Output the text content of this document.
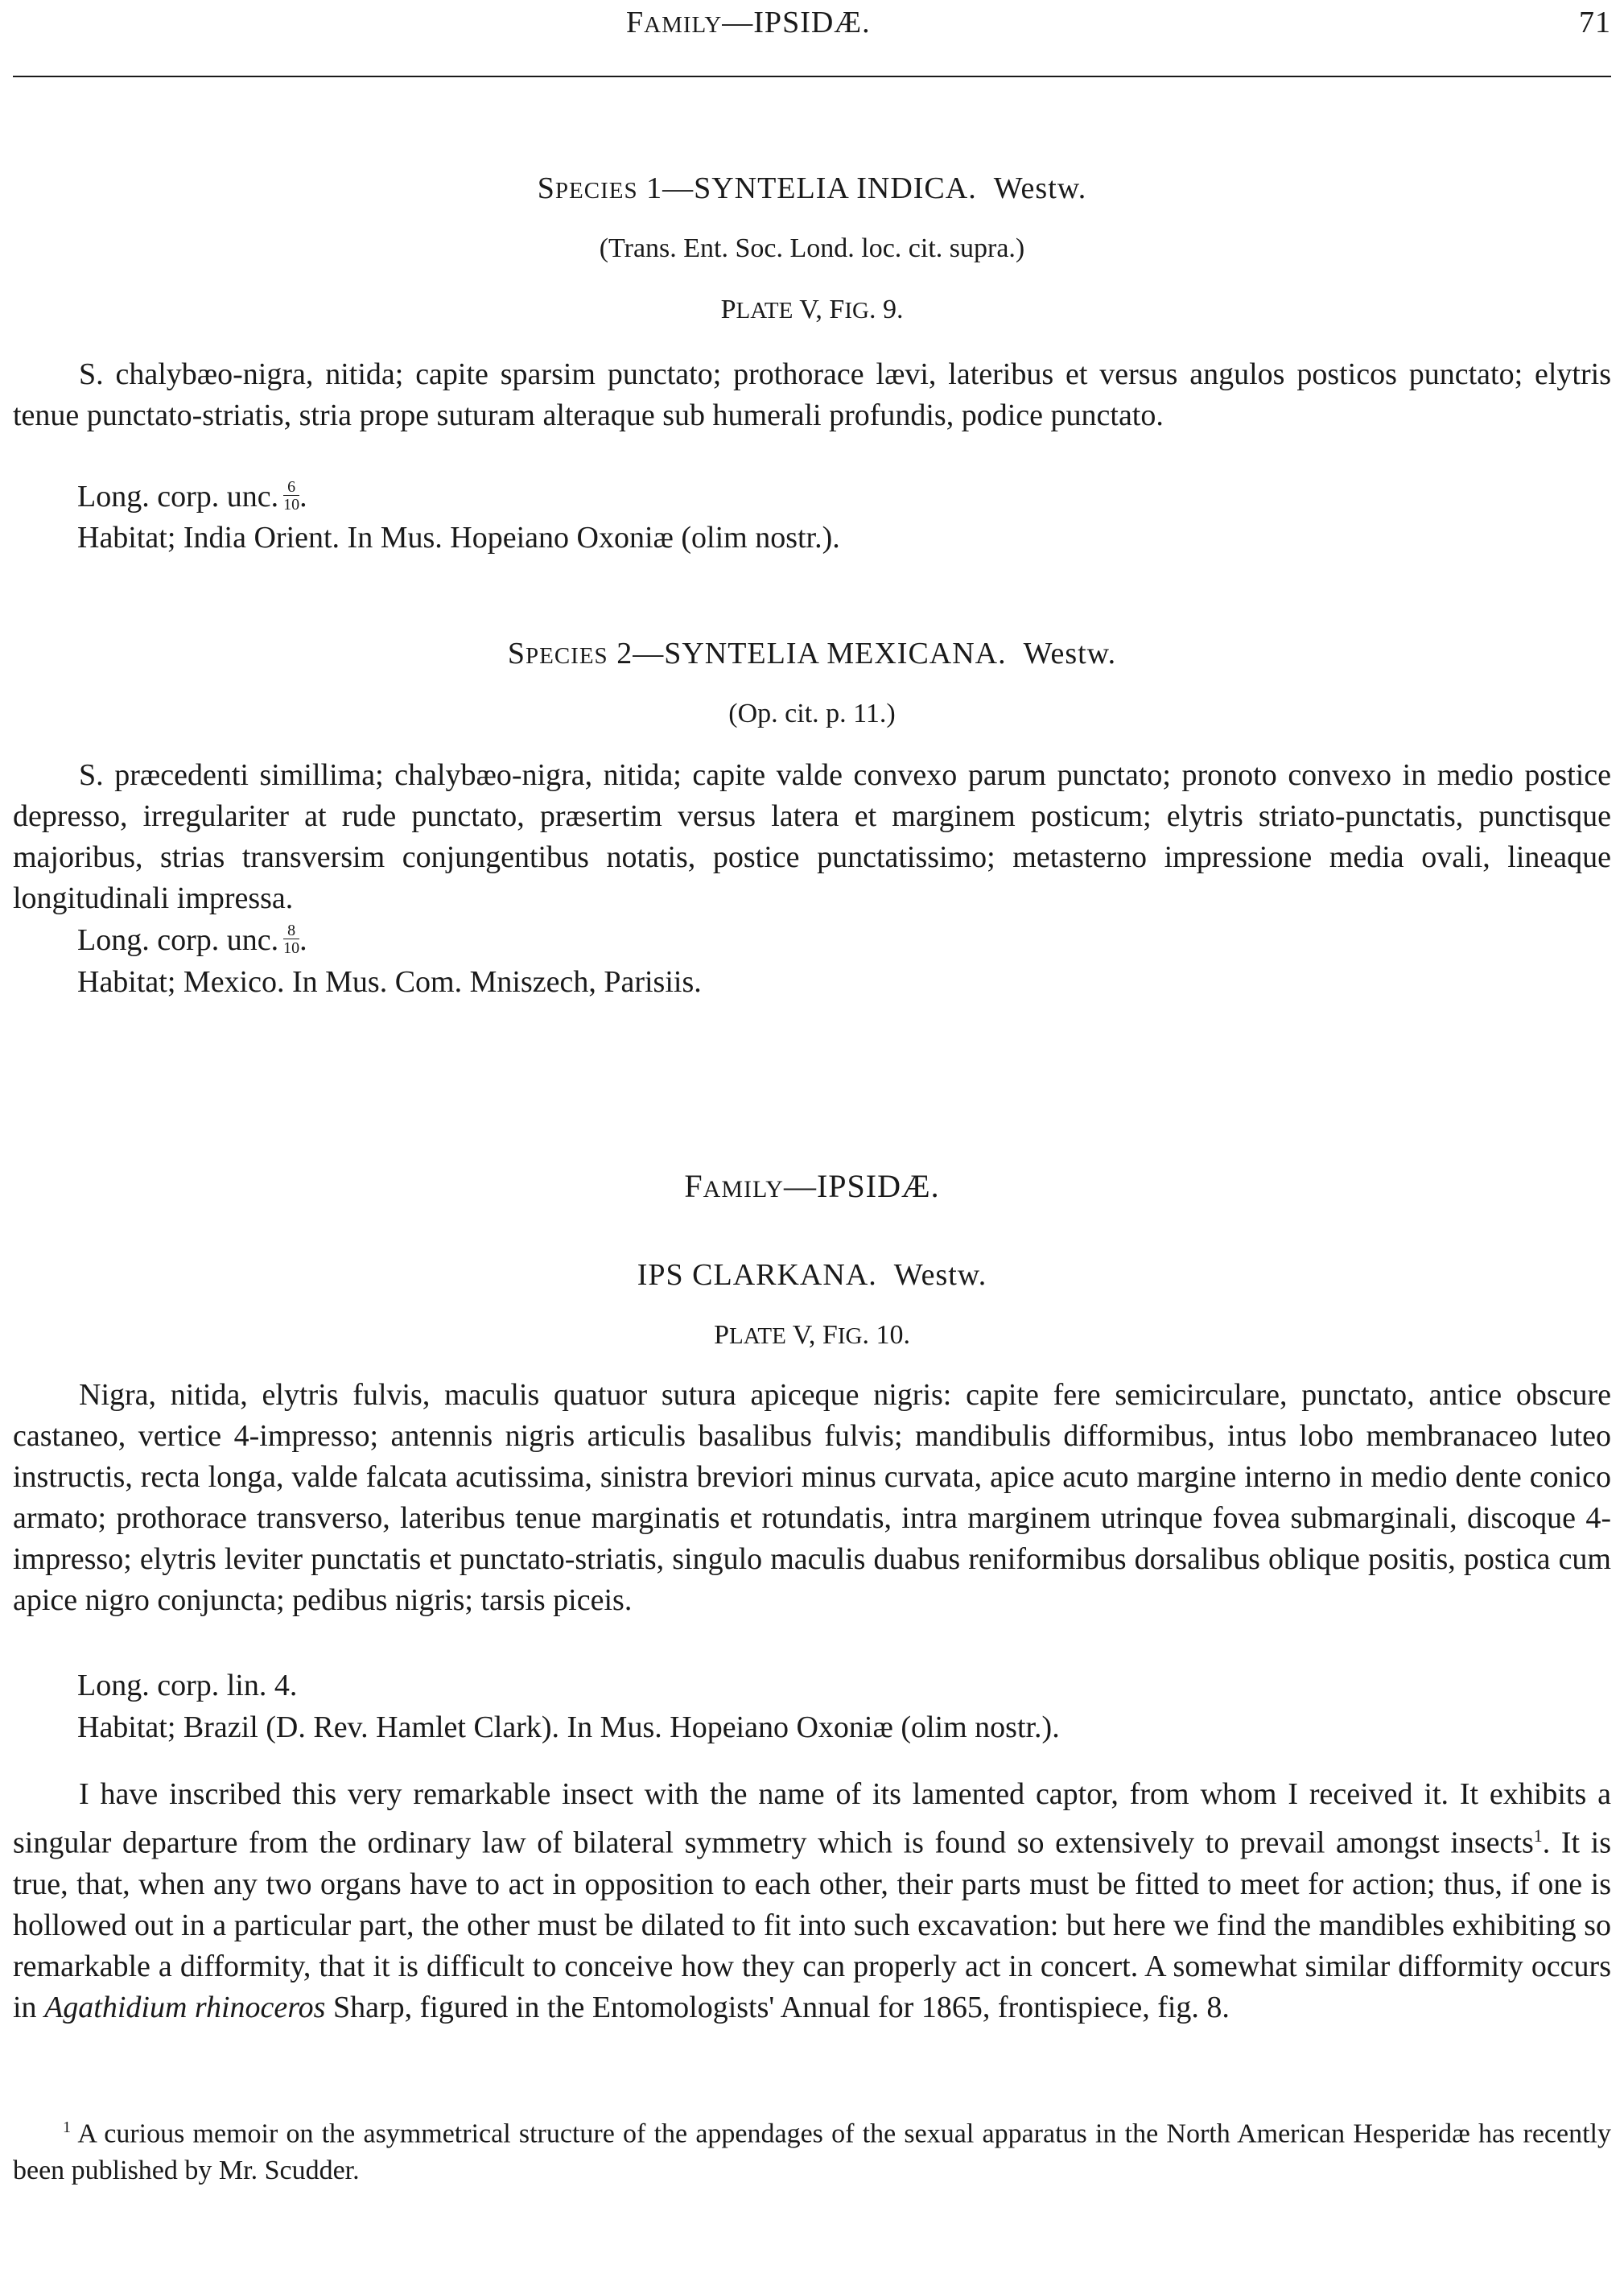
FAMILY—IPSIDÆ.	71
SPECIES 1—SYNTELIA INDICA. Westw.
(Trans. Ent. Soc. Lond. loc. cit. supra.)
PLATE V, FIG. 9.

S. chalybæo-nigra, nitida; capite sparsim punctato; prothorace lævi, lateribus et versus angulos posticos punctato; elytris tenue punctato-striatis, stria prope suturam alteraque sub humerali profundis, podice punctato.

Long. corp. unc. $\frac{6}{10}$ .
Habitat; India Orient. In Mus. Hopeiano Oxoniæ (olim nostr.).
SPECIES 2—SYNTELIA MEXICANA. Westw.
(Op. cit. p. 11.)

S. præcedenti simillima; chalybæo-nigra, nitida; capite valde convexo parum punctato; pronoto convexo in medio postice depresso, irregulariter at rude punctato, præsertim versus latera et marginem posticum; elytris striato-punctatis, punctisque majoribus, strias transversim conjungentibus notatis, postice punctatissimo; metasterno impressione media ovali, lineaque longitudinali impressa.

Long. corp. unc. $\frac{8}{10}$ .
Habitat; Mexico. In Mus. Com. Mniszech, Parisiis.
FAMILY—IPSIDÆ.
IPS CLARKANA. Westw.
PLATE V, FIG. 10.

Nigra, nitida, elytris fulvis, maculis quatuor sutura apiceque nigris: capite fere semicirculare, punctato, antice obscure castaneo, vertice 4-impresso; antennis nigris articulis basalibus fulvis; mandibulis difformibus, intus lobo membranaceo luteo instructis, recta longa, valde falcata acutissima, sinistra breviori minus curvata, apice acuto margine interno in medio dente conico armato; prothorace transverso, lateribus tenue marginatis et rotundatis, intra marginem utrinque fovea submarginali, discoque 4-impresso; elytris leviter punctatis et punctato-striatis, singulo maculis duabus reniformibus dorsalibus oblique positis, postica cum apice nigro conjuncta; pedibus nigris; tarsis piceis.

Long. corp. lin. 4.
Habitat; Brazil (D. Rev. Hamlet Clark). In Mus. Hopeiano Oxoniæ (olim nostr.).

I have inscribed this very remarkable insect with the name of its lamented captor, from whom I received it. It exhibits a singular departure from the ordinary law of bilateral symmetry which is found so extensively to prevail amongst insects$^1$. It is true, that, when any two organs have to act in opposition to each other, their parts must be fitted to meet for action; thus, if one is hollowed out in a particular part, the other must be dilated to fit into such excavation: but here we find the mandibles exhibiting so remarkable a difformity, that it is difficult to conceive how they can properly act in concert. A somewhat similar difformity occurs in Agathidium rhinoceros Sharp, figured in the Entomologists' Annual for 1865, frontispiece, fig. 8.

$^1$ A curious memoir on the asymmetrical structure of the appendages of the sexual apparatus in the North American Hesperidæ has recently been published by Mr. Scudder.
